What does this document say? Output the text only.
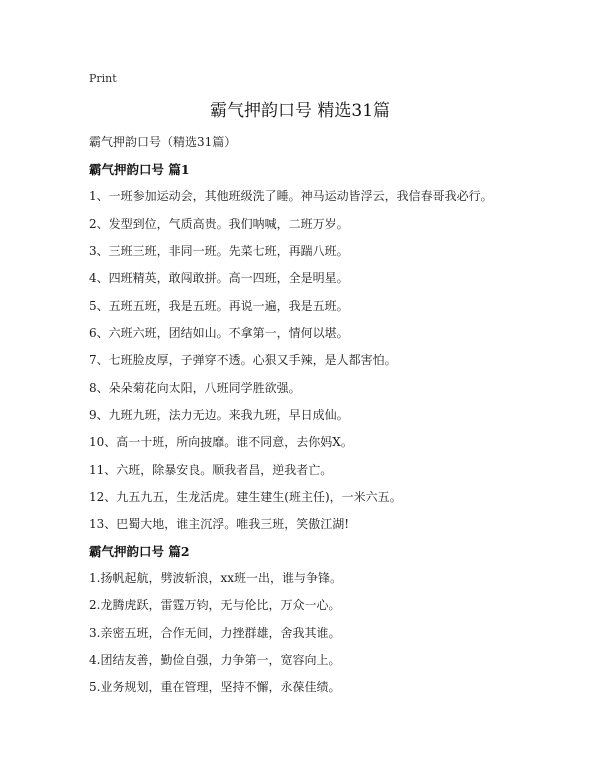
Print
霸气押韵口号 精选31篇
霸气押韵口号（精选31篇）
霸气押韵口号 篇1
1、一班参加运动会，其他班级洗了睡。神马运动皆浮云，我信春哥我必行。
2、发型到位，气质高贵。我们呐喊，二班万岁。
3、三班三班，非同一班。先菜七班，再踹八班。
4、四班精英，敢闯敢拼。高一四班，全是明星。
5、五班五班，我是五班。再说一遍，我是五班。
6、六班六班，团结如山。不拿第一，情何以堪。
7、七班脸皮厚，子弹穿不透。心狠又手辣，是人都害怕。
8、朵朵菊花向太阳，八班同学胜欲强。
9、九班九班，法力无边。来我九班，早日成仙。
10、高一十班，所向披靡。谁不同意，去你妈X。
11、六班，除暴安良。顺我者昌，逆我者亡。
12、九五九五，生龙活虎。建生建生(班主任)，一米六五。
13、巴蜀大地，谁主沉浮。唯我三班，笑傲江湖!
霸气押韵口号 篇2
1.扬帆起航，劈波斩浪，xx班一出，谁与争锋。
2.龙腾虎跃，雷霆万钧，无与伦比，万众一心。
3.亲密五班，合作无间，力挫群雄，舍我其谁。
4.团结友善，勤俭自强，力争第一，宽容向上。
5.业务规划，重在管理，坚持不懈，永葆佳绩。
